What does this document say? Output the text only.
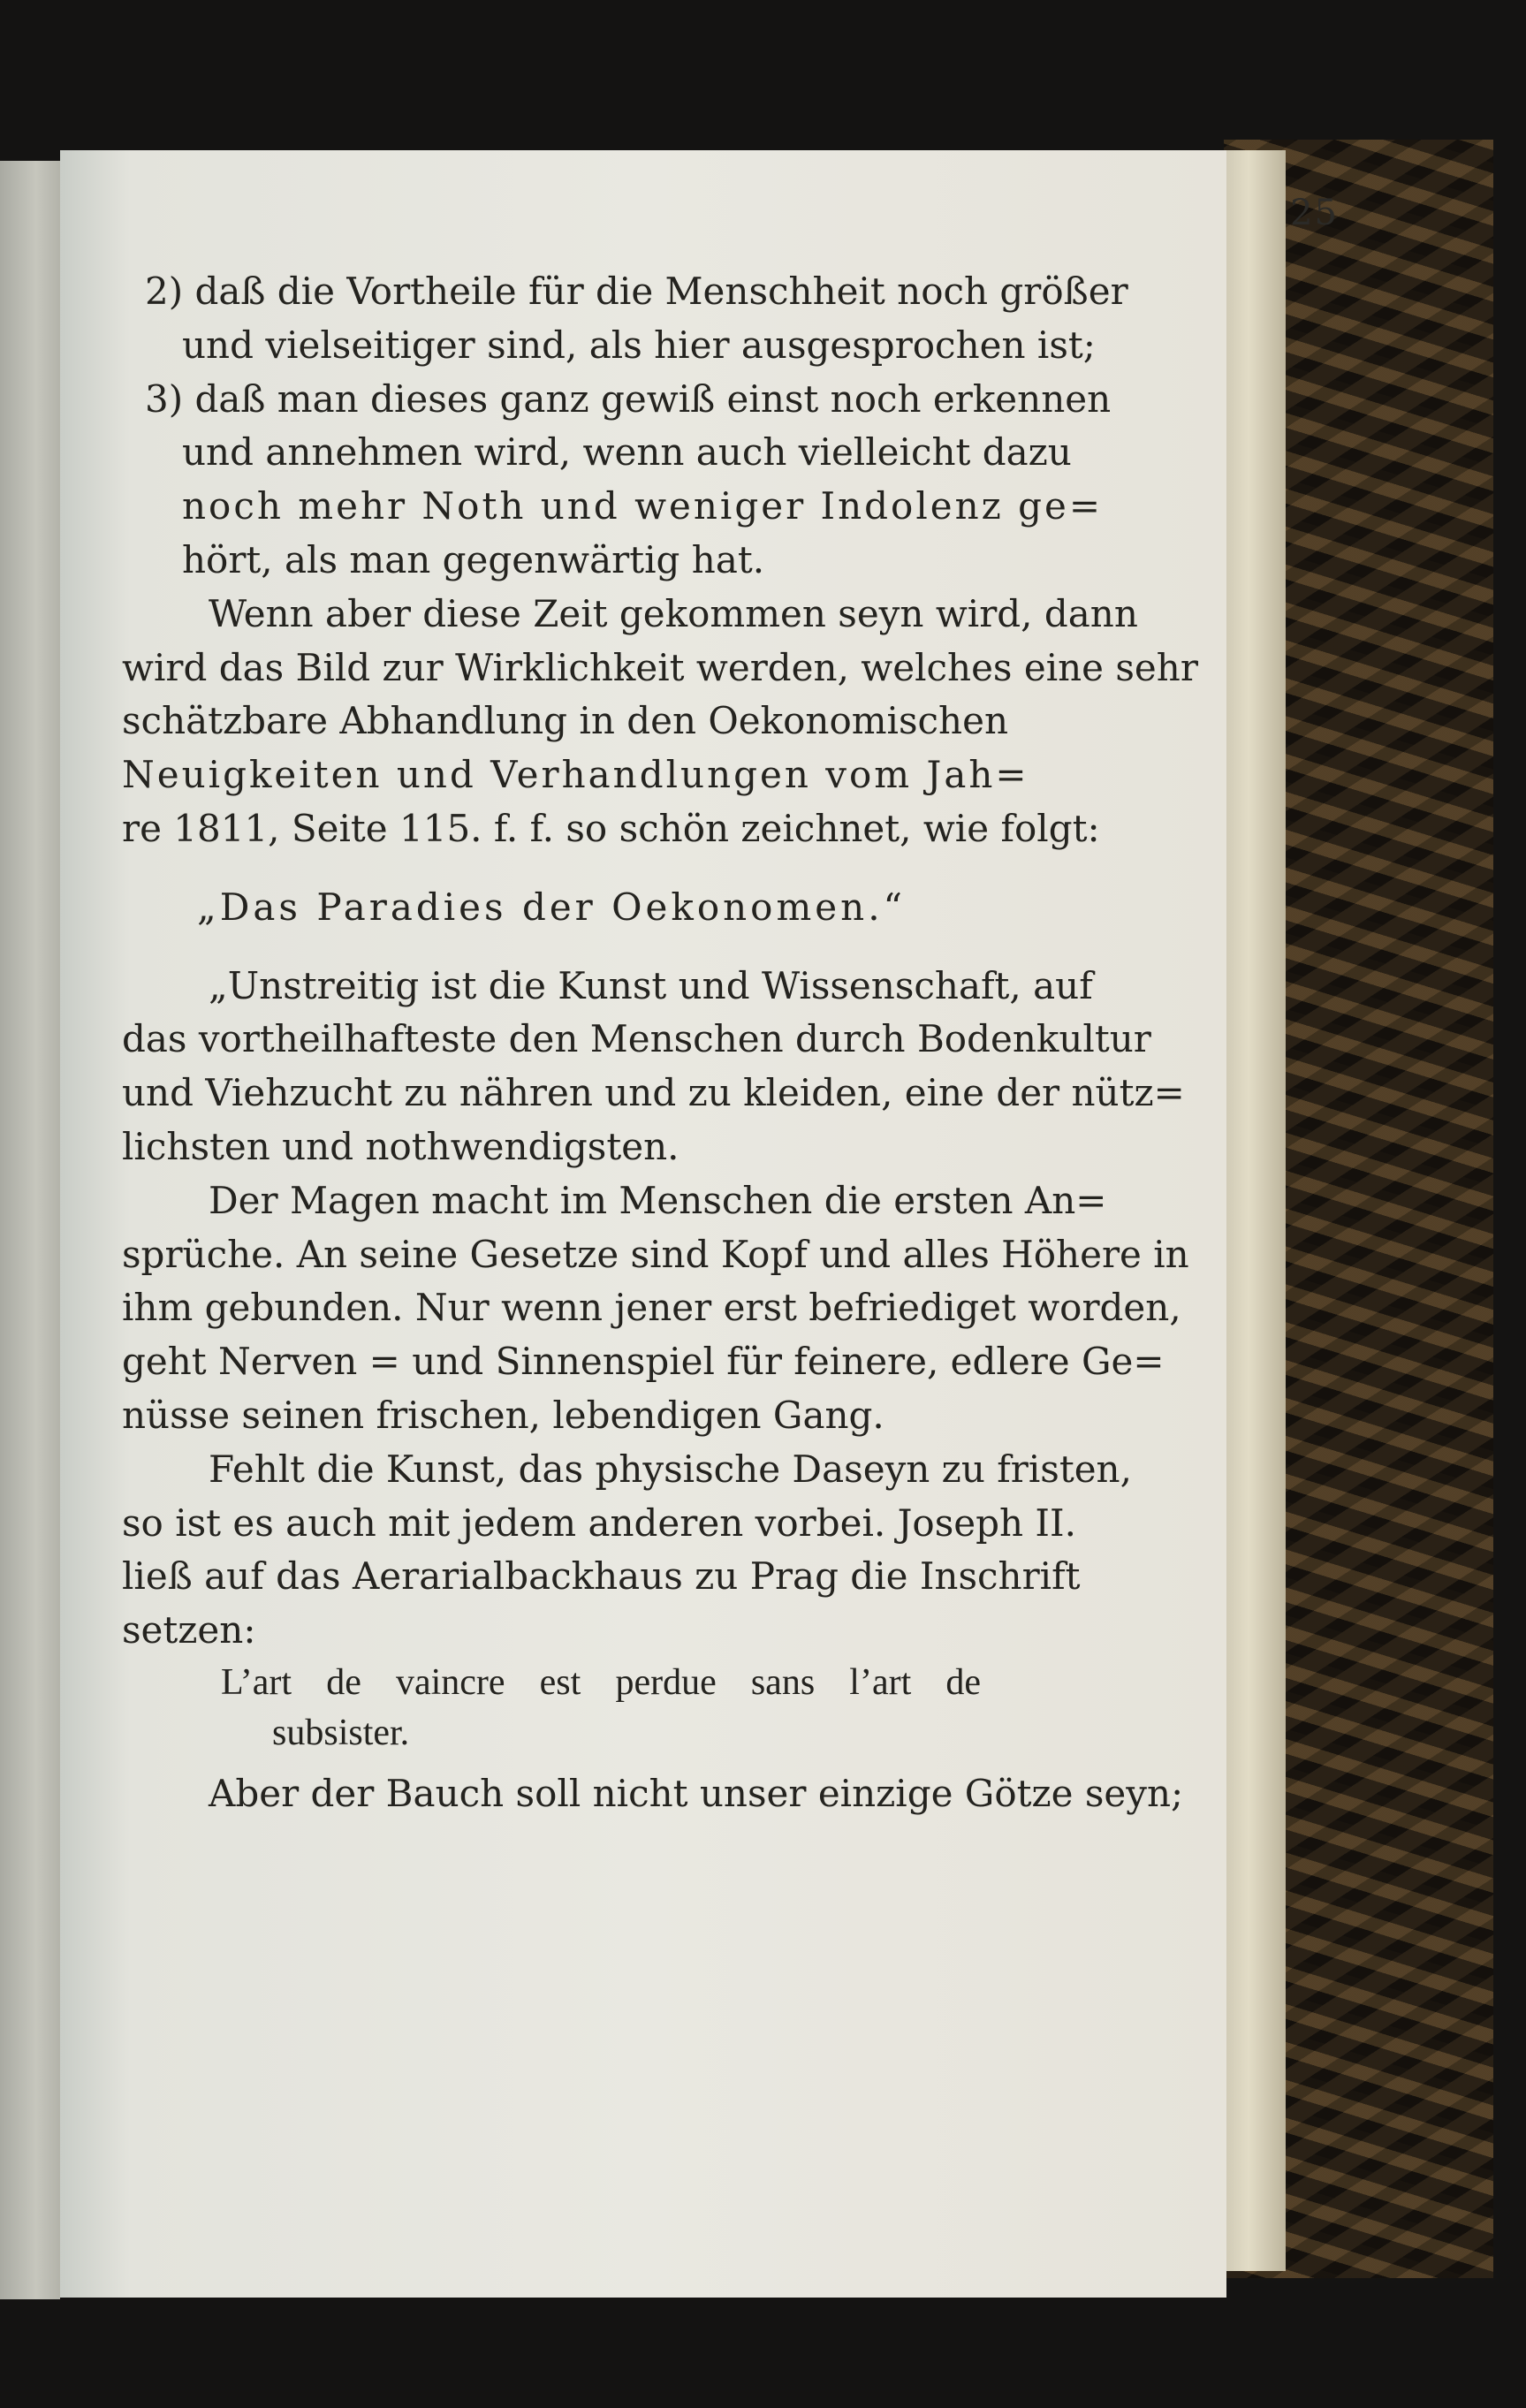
25
2) daß die Vortheile für die Menschheit noch größer
und vielseitiger sind, als hier ausgesprochen ist;
3) daß man dieses ganz gewiß einst noch erkennen
und annehmen wird, wenn auch vielleicht dazu
noch mehr Noth und weniger Indolenz ge=
hört, als man gegenwärtig hat.
Wenn aber diese Zeit gekommen seyn wird, dann
wird das Bild zur Wirklichkeit werden, welches eine sehr
schätzbare Abhandlung in den Oekonomischen
Neuigkeiten und Verhandlungen vom Jah=
re 1811, Seite 115. f. f. so schön zeichnet, wie folgt:
„Das Paradies der Oekonomen.“
„Unstreitig ist die Kunst und Wissenschaft, auf
das vortheilhafteste den Menschen durch Bodenkultur
und Viehzucht zu nähren und zu kleiden, eine der nütz=
lichsten und nothwendigsten.
Der Magen macht im Menschen die ersten An=
sprüche. An seine Gesetze sind Kopf und alles Höhere in
ihm gebunden. Nur wenn jener erst befriediget worden,
geht Nerven = und Sinnenspiel für feinere, edlere Ge=
nüsse seinen frischen, lebendigen Gang.
Fehlt die Kunst, das physische Daseyn zu fristen,
so ist es auch mit jedem anderen vorbei. Joseph II.
ließ auf das Aerarialbackhaus zu Prag die Inschrift
setzen:
L’art de vaincre est perdue sans l’art de
subsister.
Aber der Bauch soll nicht unser einzige Götze seyn;
